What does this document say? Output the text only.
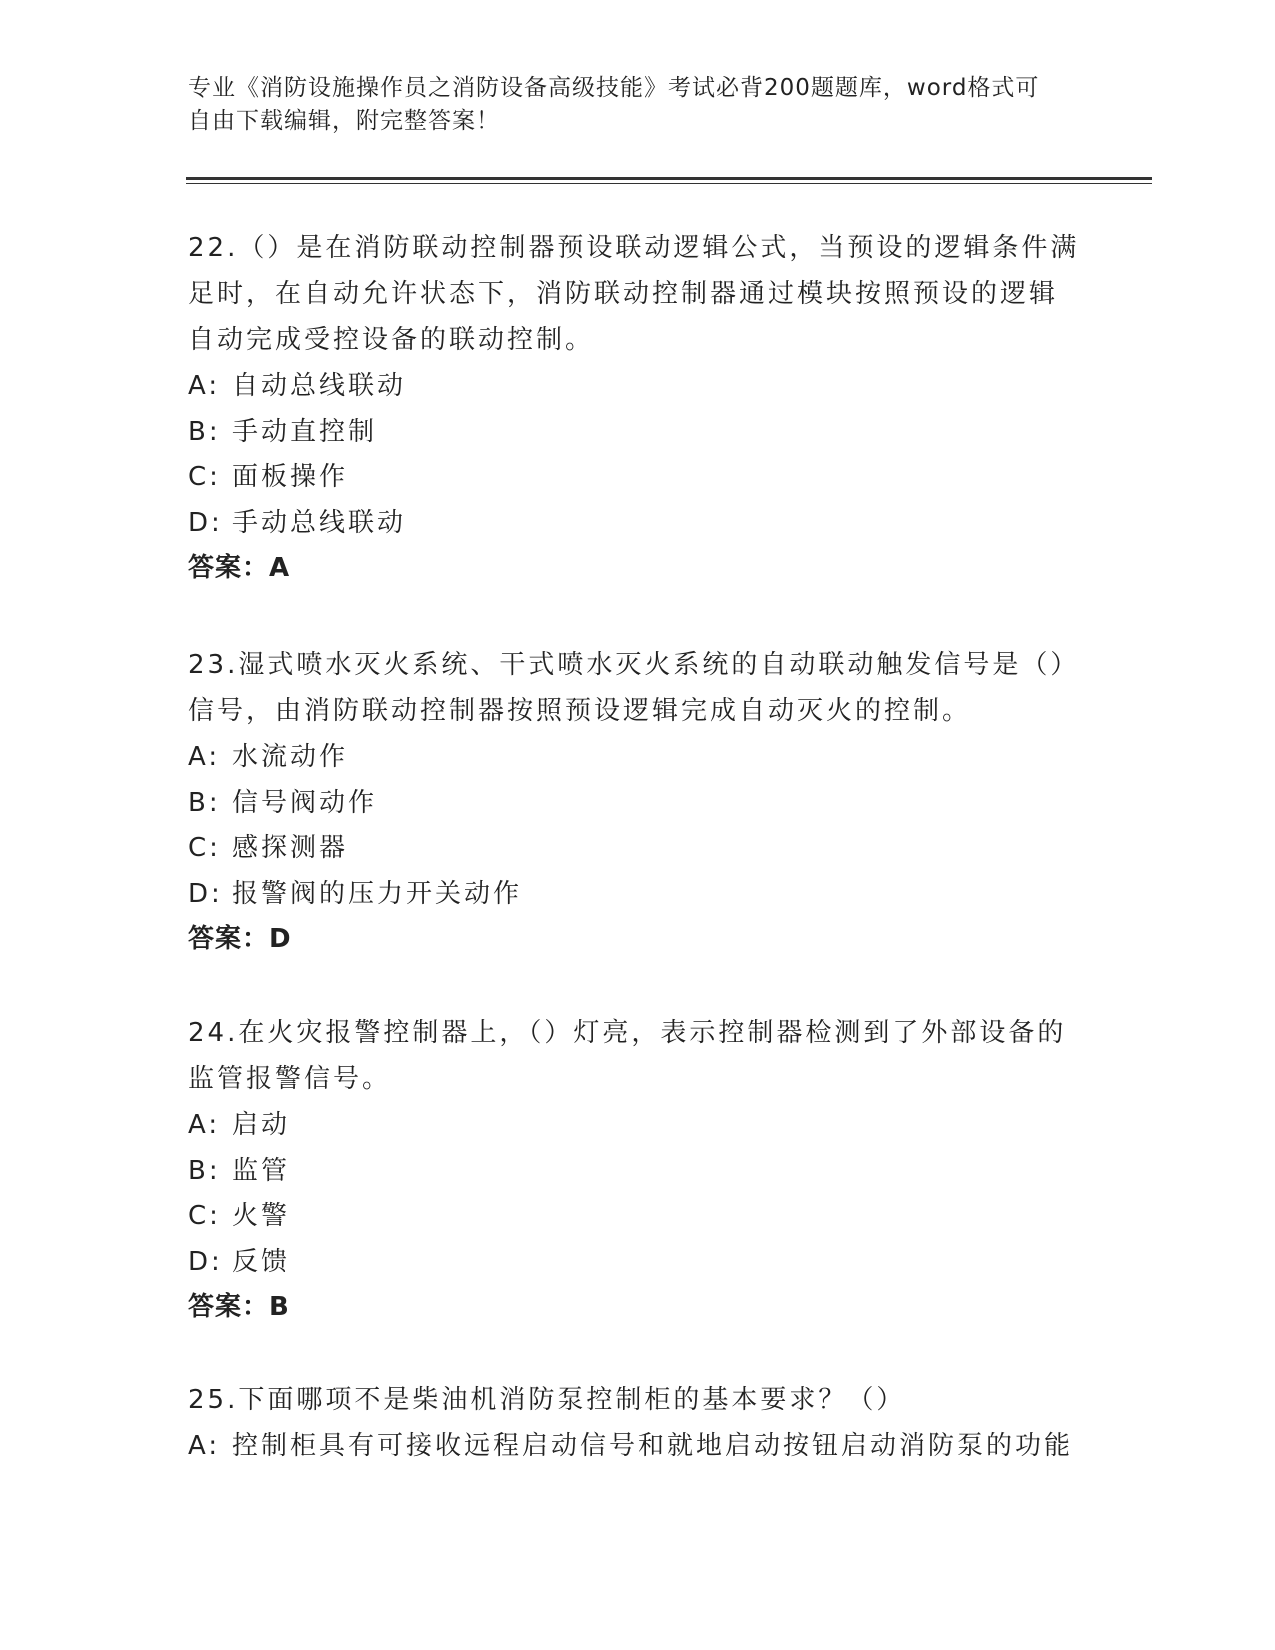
专业《消防设施操作员之消防设备高级技能》考试必背200题题库，word格式可
自由下载编辑，附完整答案！
22.（）是在消防联动控制器预设联动逻辑公式，当预设的逻辑条件满
足时，在自动允许状态下，消防联动控制器通过模块按照预设的逻辑
自动完成受控设备的联动控制。
A: 自动总线联动
B: 手动直控制
C: 面板操作
D: 手动总线联动
答案：A
23.湿式喷水灭火系统、干式喷水灭火系统的自动联动触发信号是（）
信号，由消防联动控制器按照预设逻辑完成自动灭火的控制。
A: 水流动作
B: 信号阀动作
C: 感探测器
D: 报警阀的压力开关动作
答案：D
24.在火灾报警控制器上，（）灯亮，表示控制器检测到了外部设备的
监管报警信号。
A: 启动
B: 监管
C: 火警
D: 反馈
答案：B
25.下面哪项不是柴油机消防泵控制柜的基本要求？（）
A: 控制柜具有可接收远程启动信号和就地启动按钮启动消防泵的功能
